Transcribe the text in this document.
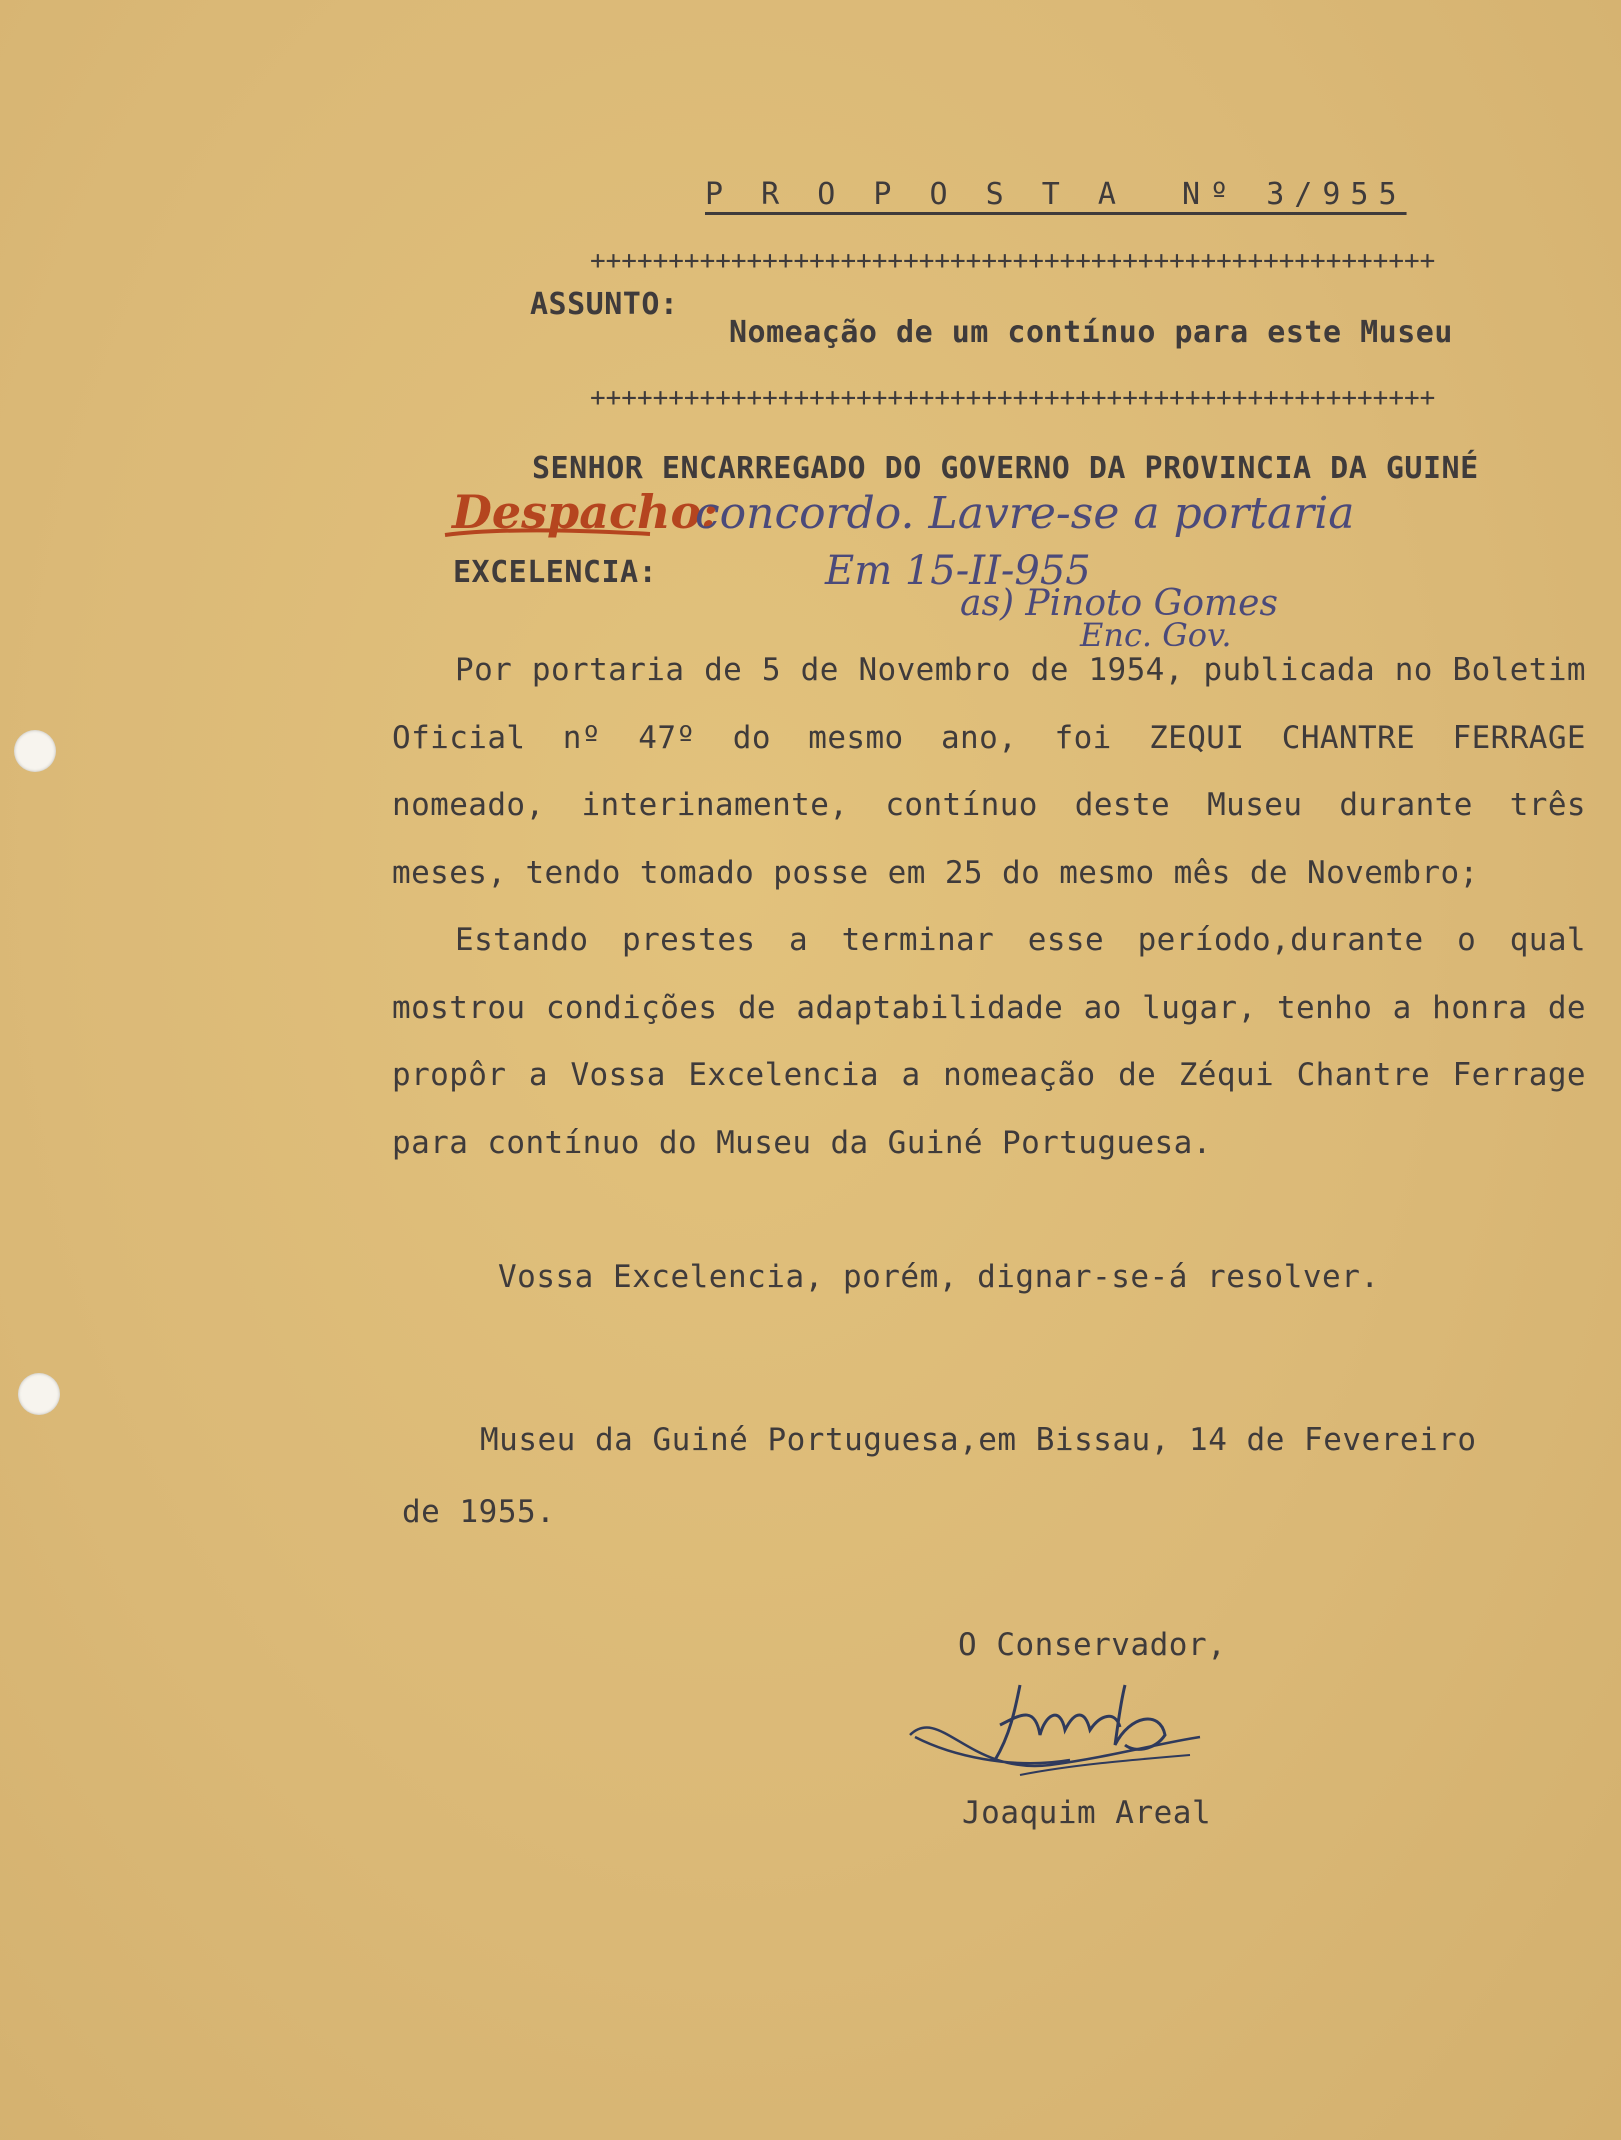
P R O P O S T A  Nº 3/955
++++++++++++++++++++++++++++++++++++++++++++++++++++++
ASSUNTO:
Nomeação de um contínuo para este Museu
++++++++++++++++++++++++++++++++++++++++++++++++++++++
SENHOR ENCARREGADO DO GOVERNO DA PROVINCIA DA GUINÉ
EXCELENCIA:
Despacho:
concordo. Lavre-se a portaria
Em 15-II-955
as) Pinoto Gomes
Enc. Gov.
Por portaria de 5 de Novembro de 1954, publicada no Boletim Oficial nº 47º do mesmo ano, foi ZEQUI CHANTRE FERRAGE nomeado, interinamente, contínuo deste Museu durante três meses, tendo tomado posse em 25 do mesmo mês de Novembro;
Estando prestes a terminar esse período,durante o qual mostrou condições de adaptabilidade ao lugar, tenho a honra de propôr a Vossa Excelencia a nomeação de Zéqui Chantre Ferrage para contínuo do Museu da Guiné Portuguesa.
Vossa Excelencia, porém, dignar-se-á resolver.
Museu da Guiné Portuguesa,em Bissau, 14 de Fevereiro
de 1955.
O Conservador,
Joaquim Areal
